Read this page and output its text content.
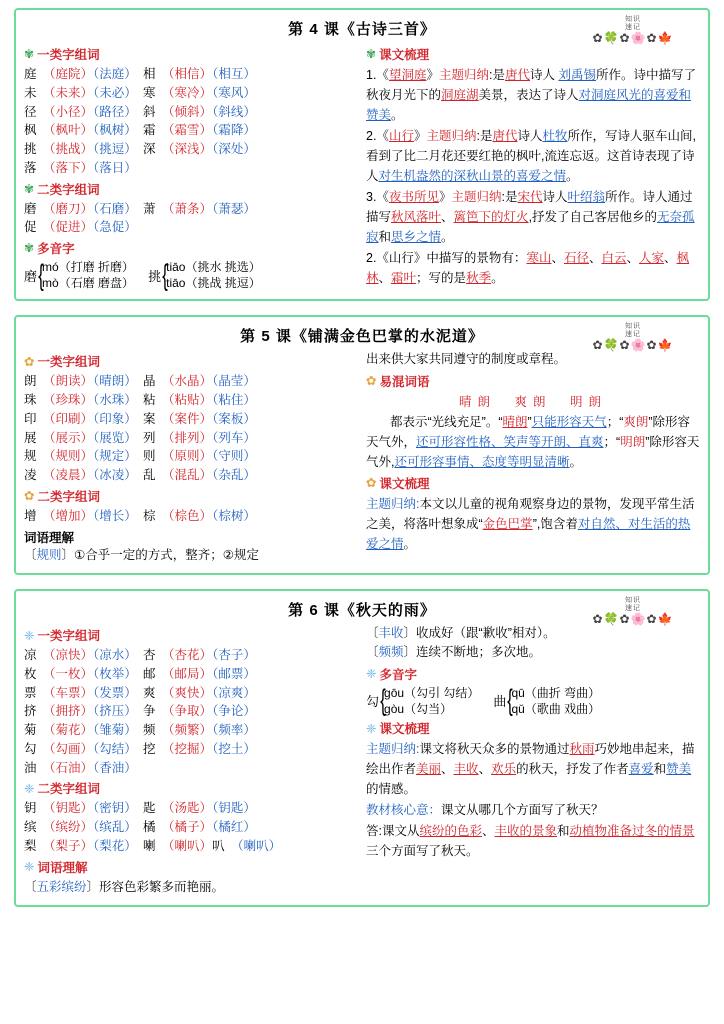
知识
速记
✿🍀✿🌸✿🍁
第 4 课《古诗三首》
✾ 一类字组词
庭 （庭院）（法庭）　 相 （相信）（相互）
未 （未来）（未必）　 寒 （寒冷）（寒风）
径 （小径）（路径）　 斜 （倾斜）（斜线）
枫 （枫叶）（枫树）　 霜 （霜雪）（霜降）
挑 （挑战）（挑逗）　 深 （深浅）（深处）
落 （落下）（落日）
✾ 二类字组词
磨 （磨刀）（石磨）　 萧 （萧条）（萧瑟）
促 （促进）（急促）
✾ 多音字
磨 {
mó（打磨 折磨）
mò（石磨 磨盘） 挑 {
tiāo（挑水 挑选）
tiāo（挑战 挑逗）
✾ 课文梳理

1.《望洞庭》主题归纳:是唐代诗人 刘禹锡所作。诗中描写了秋夜月光下的洞庭湖美景，表达了诗人对洞庭风光的喜爱和赞美。

2.《山行》主题归纳:是唐代诗人杜牧所作，写诗人驱车山间,看到了比二月花还要红艳的枫叶,流连忘返。这首诗表现了诗人对生机盎然的深秋山景的喜爱之情。

3.《夜书所见》主题归纳:是宋代诗人叶绍翁所作。诗人通过描写秋风落叶、篱笆下的灯火,抒发了自己客居他乡的无奈孤寂和思乡之情。

2.《山行》中描写的景物有：寒山、石径、白云、人家、枫林、霜叶；写的是秋季。

知识
速记
✿🍀✿🌸✿🍁
第 5 课《铺满金色巴掌的水泥道》
✿ 一类字组词
朗 （朗读）（晴朗）　 晶 （水晶）（晶莹）
珠 （珍珠）（水珠）　 粘 （粘贴）（粘住）
印 （印刷）（印象）　 案 （案件）（案板）
展 （展示）（展览）　 列 （排列）（列车）
规 （规则）（规定）　 则 （原则）（守则）
凌 （凌晨）（冰凌）　 乱 （混乱）（杂乱）
✿ 二类字组词
增 （增加）（增长）　 棕 （棕色）（棕树）
词语理解
〔规则〕①合乎一定的方式，整齐；②规定
出来供大家共同遵守的制度或章程。
✿ 易混词语
晴朗　爽朗　明朗

都表示“光线充足”。“晴朗”只能形容天气；“爽朗”除形容天气外，还可形容性格、笑声等开朗、直爽；“明朗”除形容天气外,还可形容事情、态度等明显清晰。

✿ 课文梳理

主题归纳:本文以儿童的视角观察身边的景物，发现平常生活之美，将落叶想象成“金色巴掌”,饱含着对自然、对生活的热爱之情。

知识
速记
✿🍀✿🌸✿🍁
第 6 课《秋天的雨》
❈ 一类字组词
凉 （凉快）（凉水）　 杏 （杏花）（杏子）
枚 （一枚）（枚举）　 邮 （邮局）（邮票）
票 （车票）（发票）　 爽 （爽快）（凉爽）
挤 （拥挤）（挤压）　 争 （争取）（争论）
菊 （菊花）（雏菊）　 频 （频繁）（频率）
勾 （勾画）（勾结）　 挖 （挖掘）（挖土）
油 （石油）（香油）
❈ 二类字组词
钥 （钥匙）（密钥）　 匙 （汤匙）（钥匙）
缤 （缤纷）（缤乱）　 橘 （橘子）（橘红）
梨 （梨子）（梨花）　 喇 （喇叭）叭 （喇叭）
❈ 词语理解
〔五彩缤纷〕形容色彩繁多而艳丽。
〔丰收〕收成好（跟“歉收”相对）。
〔频频〕连续不断地；多次地。
❈ 多音字
勾 {
gōu（勾引 勾结）
gòu（勾当）	曲 {
qū（曲折 弯曲）
qǔ（歌曲 戏曲）
❈ 课文梳理

主题归纳:课文将秋天众多的景物通过秋雨巧妙地串起来，描绘出作者美丽、丰收、欢乐的秋天，抒发了作者喜爱和赞美的情感。

教材核心意：课文从哪几个方面写了秋天？

答:课文从缤纷的色彩、丰收的景象和动植物准备过冬的情景三个方面写了秋天。
